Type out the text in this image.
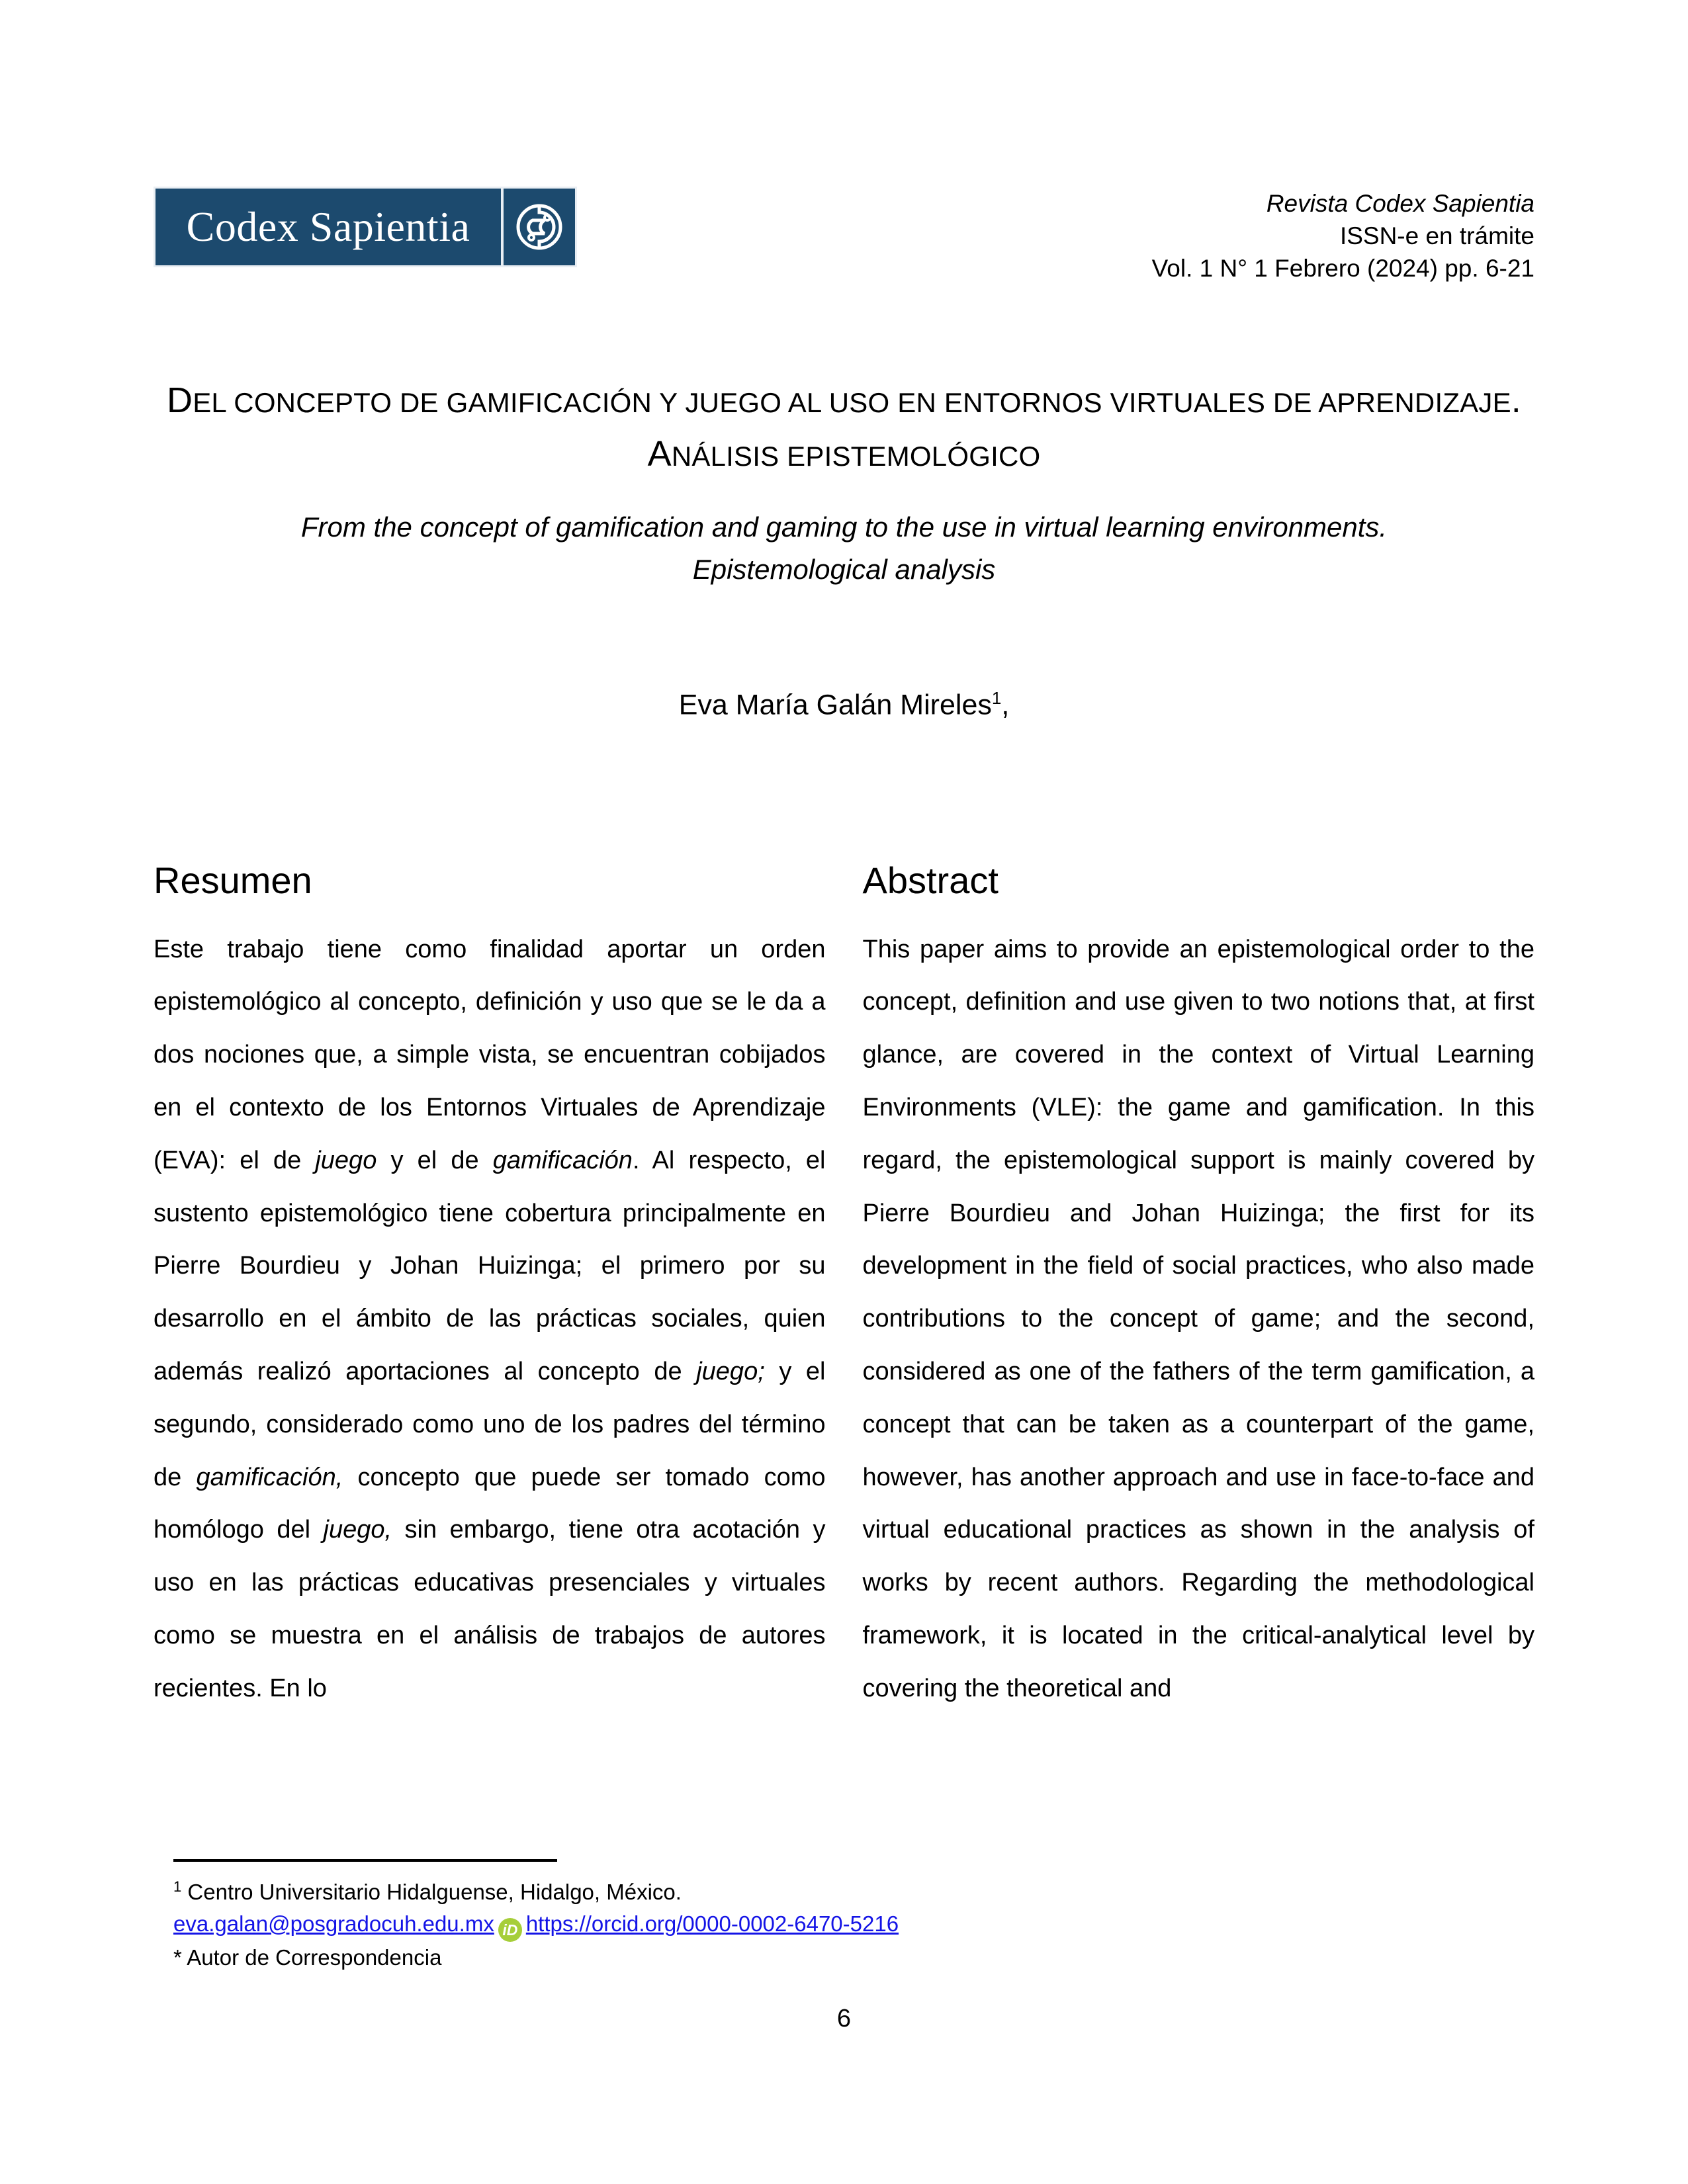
Codex Sapientia	Revista Codex Sapientia
ISSN-e en trámite
Vol. 1 N° 1 Febrero (2024) pp. 6-21
DEL CONCEPTO DE GAMIFICACIÓN Y JUEGO AL USO EN ENTORNOS VIRTUALES DE APRENDIZAJE.
ANÁLISIS EPISTEMOLÓGICO

From the concept of gamification and gaming to the use in virtual learning environments.
Epistemological analysis

Eva María Galán Mireles$^1$,
Resumen

Este trabajo tiene como finalidad aportar un orden epistemológico al concepto, definición y uso que se le da a dos nociones que, a simple vista, se encuentran cobijados en el contexto de los Entornos Virtuales de Aprendizaje (EVA): el de juego y el de gamificación. Al respecto, el sustento epistemológico tiene cobertura principalmente en Pierre Bourdieu y Johan Huizinga; el primero por su desarrollo en el ámbito de las prácticas sociales, quien además realizó aportaciones al concepto de juego; y el segundo, considerado como uno de los padres del término de gamificación, concepto que puede ser tomado como homólogo del juego, sin embargo, tiene otra acotación y uso en las prácticas educativas presenciales y virtuales como se muestra en el análisis de trabajos de autores recientes. En lo

Abstract

This paper aims to provide an epistemological order to the concept, definition and use given to two notions that, at first glance, are covered in the context of Virtual Learning Environments (VLE): the game and gamification. In this regard, the epistemological support is mainly covered by Pierre Bourdieu and Johan Huizinga; the first for its development in the field of social practices, who also made contributions to the concept of game; and the second, considered as one of the fathers of the term gamification, a concept that can be taken as a counterpart of the game, however, has another approach and use in face-to-face and virtual educational practices as shown in the analysis of works by recent authors. Regarding the methodological framework, it is located in the critical-analytical level by covering the theoretical and

$^1$ Centro Universitario Hidalguense, Hidalgo, México.
eva.galan@posgradocuh.edu.mx iD https://orcid.org/0000-0002-6470-5216
* Autor de Correspondencia
6
